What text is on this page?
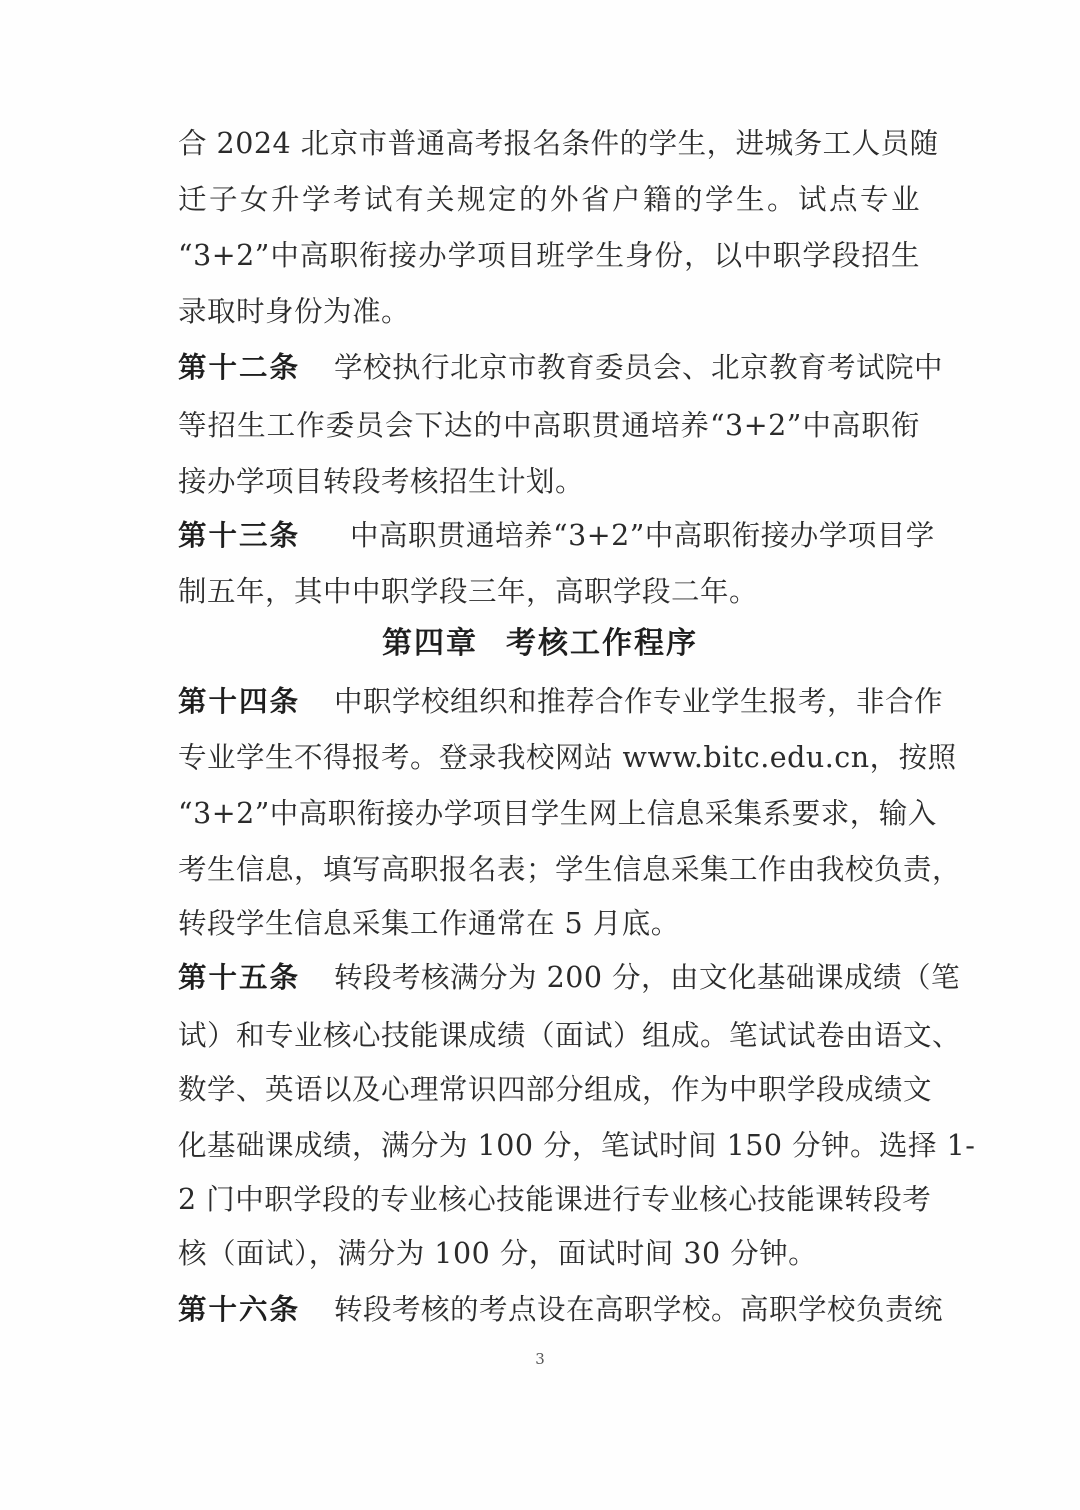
合 2024 北京市普通高考报名条件的学生，进城务工人员随
迁子女升学考试有关规定的外省户籍的学生。试点专业
“3+2”中高职衔接办学项目班学生身份，以中职学段招生
录取时身份为准。
第十二条 学校执行北京市教育委员会、北京教育考试院中
等招生工作委员会下达的中高职贯通培养“3+2”中高职衔
接办学项目转段考核招生计划。
第十三条 中高职贯通培养“3+2”中高职衔接办学项目学
制五年，其中中职学段三年，高职学段二年。
第四章 考核工作程序
第十四条 中职学校组织和推荐合作专业学生报考，非合作
专业学生不得报考。登录我校网站 www.bitc.edu.cn，按照
“3+2”中高职衔接办学项目学生网上信息采集系要求，输入
考生信息，填写高职报名表；学生信息采集工作由我校负责，
转段学生信息采集工作通常在 5 月底。
第十五条 转段考核满分为 200 分，由文化基础课成绩（笔
试）和专业核心技能课成绩（面试）组成。笔试试卷由语文、
数学、英语以及心理常识四部分组成，作为中职学段成绩文
化基础课成绩，满分为 100 分，笔试时间 150 分钟。选择 1-
2 门中职学段的专业核心技能课进行专业核心技能课转段考
核（面试），满分为 100 分，面试时间 30 分钟。
第十六条 转段考核的考点设在高职学校。高职学校负责统
3
